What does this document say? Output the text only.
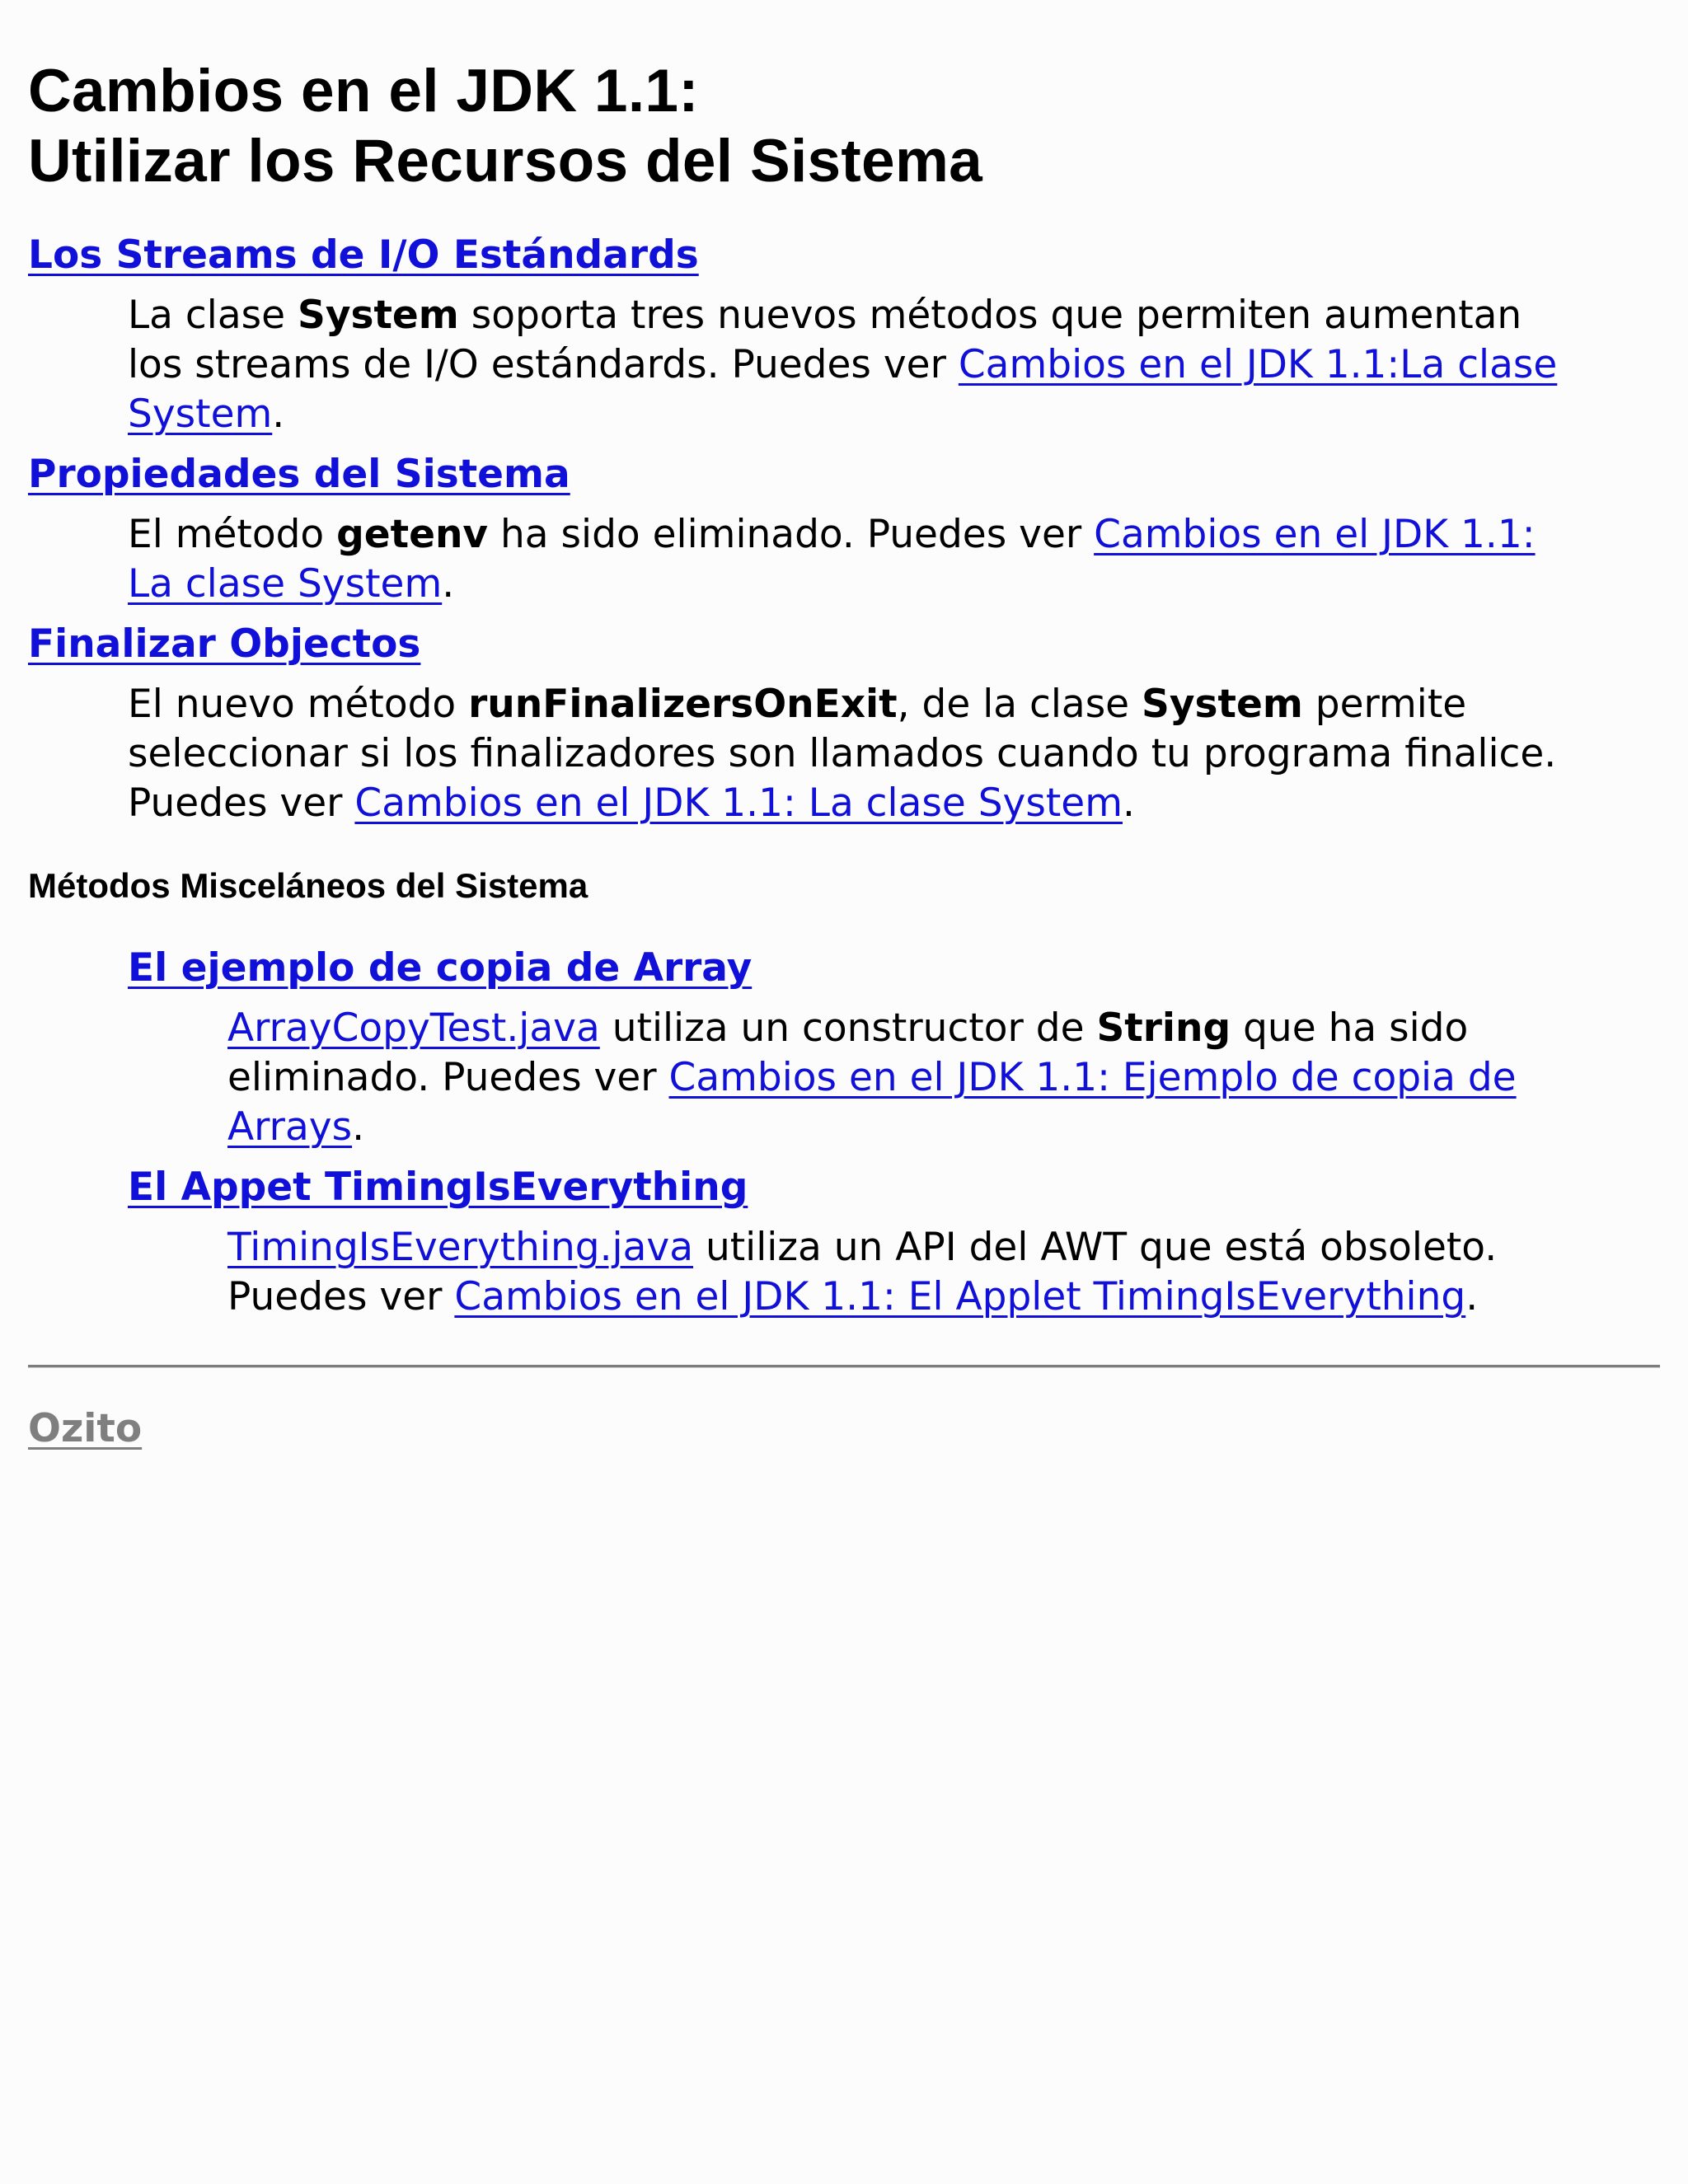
Cambios en el JDK 1.1:
Utilizar los Recursos del Sistema
Los Streams de I/O Estándards

La clase System soporta tres nuevos métodos que permiten aumentan los streams de I/O estándards. Puedes ver Cambios en el JDK 1.1:La clase System.

Propiedades del Sistema

El método getenv ha sido eliminado. Puedes ver Cambios en el JDK 1.1: La clase System.

Finalizar Objectos

El nuevo método runFinalizersOnExit, de la clase System permite seleccionar si los finalizadores son llamados cuando tu programa finalice. Puedes ver Cambios en el JDK 1.1: La clase System.

Métodos Misceláneos del Sistema
El ejemplo de copia de Array

ArrayCopyTest.java utiliza un constructor de String que ha sido eliminado. Puedes ver Cambios en el JDK 1.1: Ejemplo de copia de Arrays.

El Appet TimingIsEverything

TimingIsEverything.java utiliza un API del AWT que está obsoleto. Puedes ver Cambios en el JDK 1.1: El Applet TimingIsEverything.

Ozito
